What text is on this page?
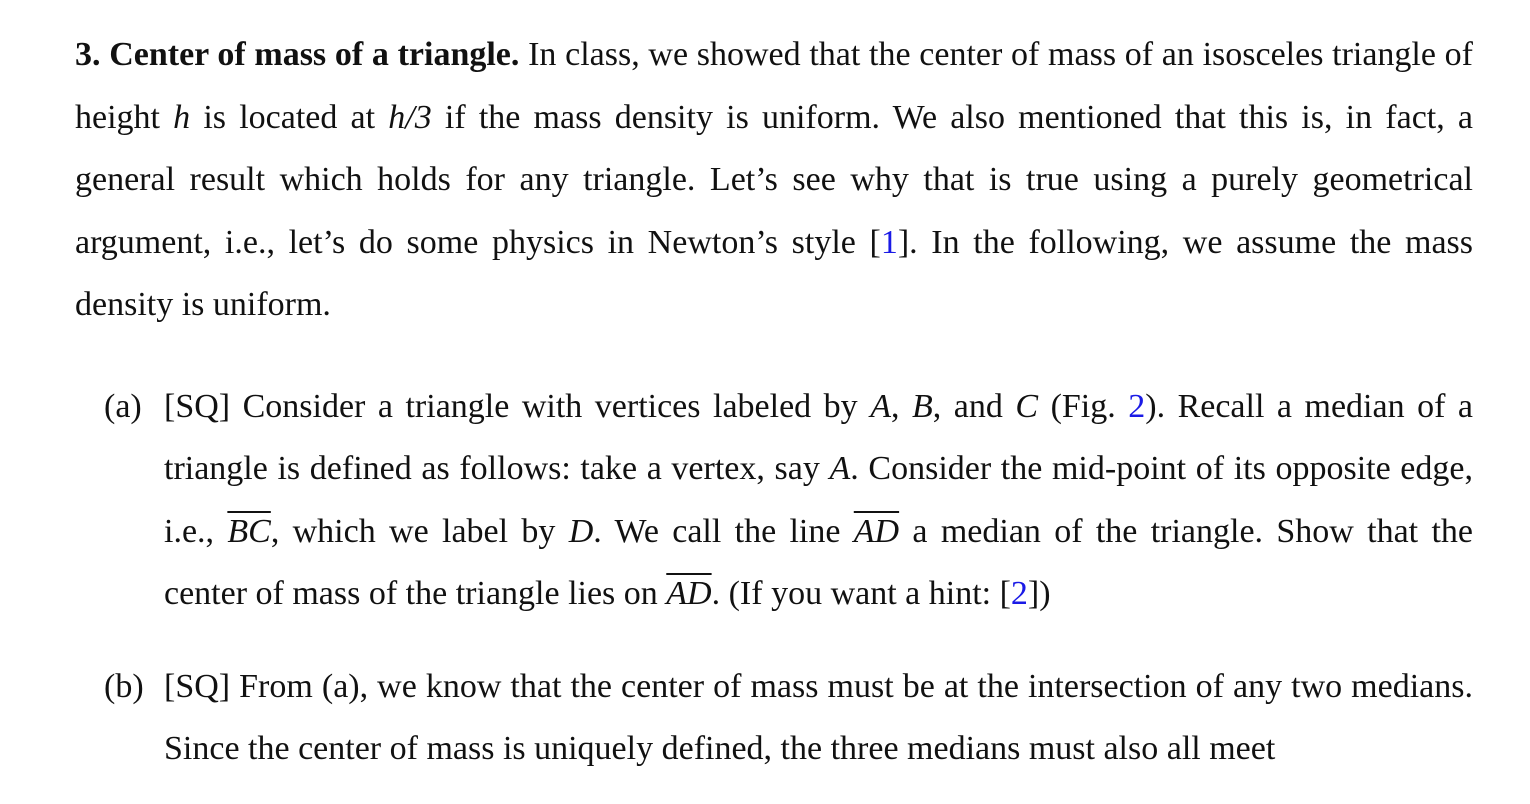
3. Center of mass of a triangle. In class, we showed that the center of mass of an isosceles triangle of height h is located at h/3 if the mass density is uniform. We also mentioned that this is, in fact, a general result which holds for any triangle. Let’s see why that is true using a purely geometrical argument, i.e., let’s do some physics in Newton’s style [1]. In the following, we assume the mass density is uniform.

(a) [SQ] Consider a triangle with vertices labeled by A, B, and C (Fig. 2). Recall a median of a triangle is defined as follows: take a vertex, say A. Consider the mid-point of its opposite edge, i.e., $\overline{BC}$, which we label by D. We call the line $\overline{AD}$ a median of the triangle. Show that the center of mass of the triangle lies on $\overline{AD}$. (If you want a hint: [2])

(b) [SQ] From (a), we know that the center of mass must be at the intersection of any two medians. Since the center of mass is uniquely defined, the three medians must also all meet
